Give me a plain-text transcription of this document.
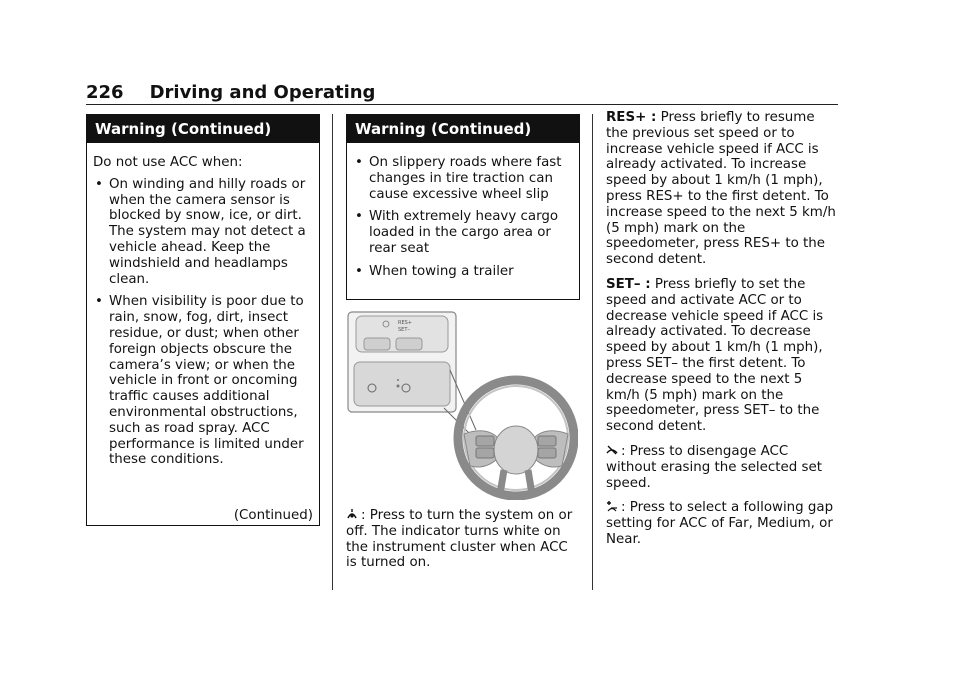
226 Driving and Operating
Warning (Continued)

Do not use ACC when:

• On winding and hilly roads or when the camera sensor is blocked by snow, ice, or dirt. The system may not detect a vehicle ahead. Keep the windshield and headlamps clean.
• When visibility is poor due to rain, snow, fog, dirt, insect residue, or dust; when other foreign objects obscure the camera’s view; or when the vehicle in front or oncoming traffic causes additional environmental obstructions, such as road spray. ACC performance is limited under these conditions.
(Continued)
Warning (Continued)
• On slippery roads where fast changes in tire traction can cause excessive wheel slip
• With extremely heavy cargo loaded in the cargo area or rear seat
• When towing a trailer
RES+
SET–
: Press to turn the system on or off. The indicator turns white on the instrument cluster when ACC is turned on.

RES+ : Press briefly to resume the previous set speed or to increase vehicle speed if ACC is already activated. To increase speed by about 1 km/h (1 mph), press RES+ to the first detent. To increase speed to the next 5 km/h (5 mph) mark on the speedometer, press RES+ to the second detent.

SET– : Press briefly to set the speed and activate ACC or to decrease vehicle speed if ACC is already activated. To decrease speed by about 1 km/h (1 mph), press SET– the first detent. To decrease speed to the next 5 km/h (5 mph) mark on the speedometer, press SET– to the second detent.

: Press to disengage ACC without erasing the selected set speed.

: Press to select a following gap setting for ACC of Far, Medium, or Near.
